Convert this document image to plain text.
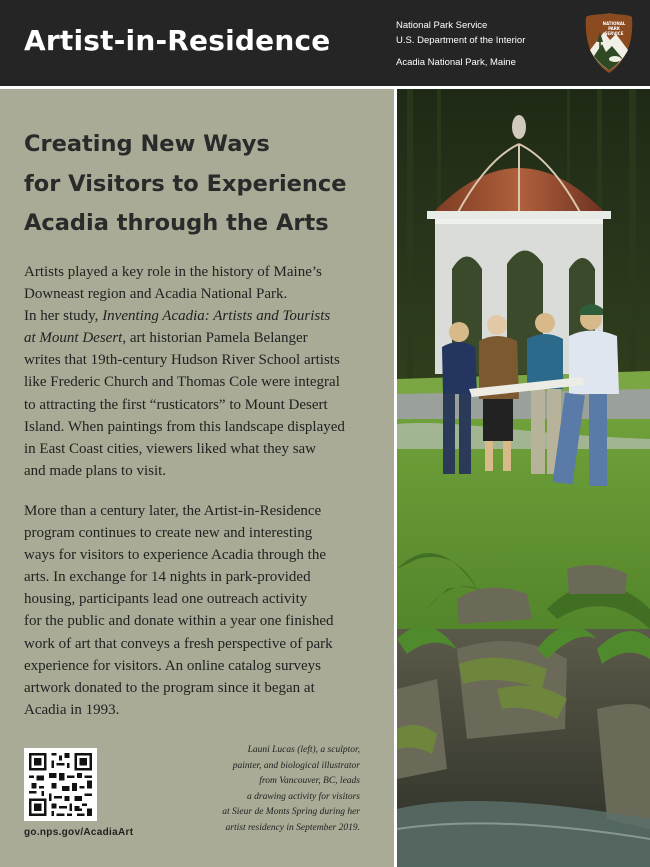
Artist-in-Residence	National Park Service
U.S. Department of the Interior
Acadia National Park, Maine
NATIONAL
PARK
SERVICE
Creating New Ways
for Visitors to Experience
Acadia through the Arts
Artists played a key role in the history of Maine’s
Downeast region and Acadia National Park.
In her study, Inventing Acadia: Artists and Tourists
at Mount Desert, art historian Pamela Belanger
writes that 19th-century Hudson River School artists
like Frederic Church and Thomas Cole were integral
to attracting the first “rusticators” to Mount Desert
Island. When paintings from this landscape displayed
in East Coast cities, viewers liked what they saw
and made plans to visit.
More than a century later, the Artist-in-Residence
program continues to create new and interesting
ways for visitors to experience Acadia through the
arts. In exchange for 14 nights in park-provided
housing, participants lead one outreach activity
for the public and donate within a year one finished
work of art that conveys a fresh perspective of park
experience for visitors. An online catalog surveys
artwork donated to the program since it began at
Acadia in 1993.
go.nps.gov/AcadiaArt
Launi Lucas (left), a sculptor,
painter, and biological illustrator
from Vancouver, BC, leads
a drawing activity for visitors
at Sieur de Monts Spring during her
artist residency in September 2019.
